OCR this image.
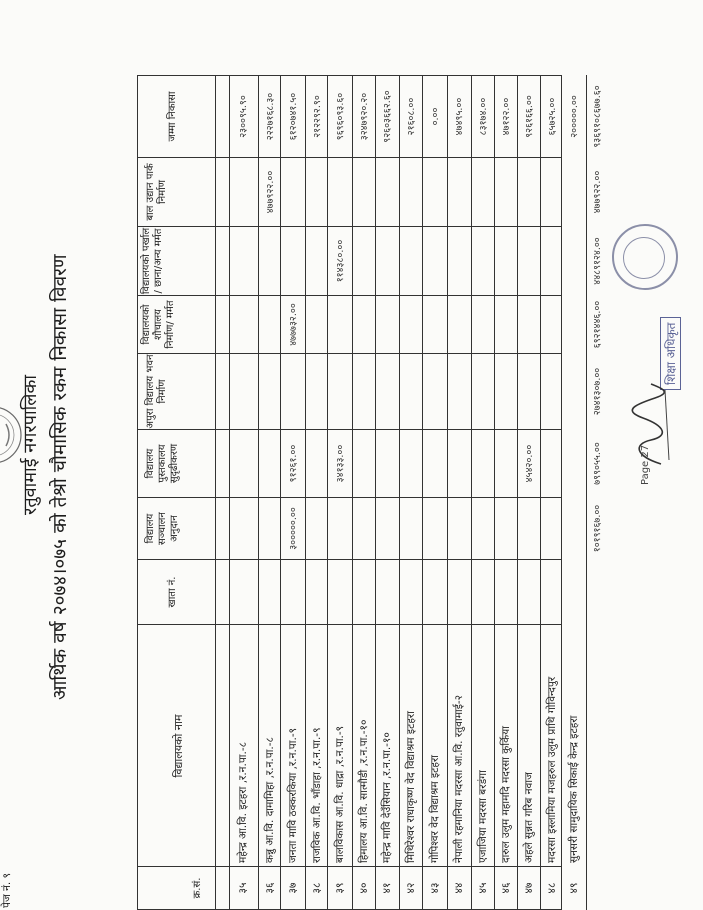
पेज नं. ९
रतुवामाई नगरपालिका आर्थिक वर्ष २०७४।०७५ को तेश्रो चौमासिक रकम निकासा विवरण
क्र.सं.
विद्यालयको नाम
खाता नं.
विद्यालय सञ्चालन अनुदान
विद्यालय पुस्तकालय सुदृढीकरण
अपुरा विद्यालय भवन निर्माण
विद्यालयको शौचालय निर्माण/ मर्मत
विद्यालयको पर्खाल / छाना/अन्य मर्मत
बाल उद्यान पार्क निर्माण
जम्मा निकासा
३५
महेन्द्र आ.वि. इटहरा ,र.न.पा.-८
२३००९५.९०
३६
कन्नु आ.वि. दामामिहा ,र.न.पा.-८
४७७९२२.००
२२२७१६८.३०
३७
जनता मावि ठक्करकिया ,र.न.पा.-९
३०००००.००
९१२६१.००
४७७७३२.००
६१२०७४१.५०
३८
राजविक आ.वि. भाँडाहा ,र.न.पा.-९
२१२२९२.९०
३९
बालविकास आ.वि. धाद्रा ,र.न.पा.-९
३४१३३.००
११४३८०.००
९६९६०९३.६०
४०
हिमालय आ.वि. सात्मौडी ,र.न.पा.-१०
३२४७९२०.२०
४१
महेन्द्र मावि देउँसियान ,र.न.पा.-१०
९२६०३६६२.६०
४२
मिथिरेश्वर राधाकृष्ण वेद विद्याश्रम इटहरा
२१६०८.००
४३
गोपिश्वर वेद विद्याश्रम इटहरा
०.००
४४
नेपाली रहमानिया मदरसा आ.वि. रतुवामाई-२
४७४९५.००
४५
एजाजिया मदरसा बरडंगा
८३१७४.००
४६
दारुल उलुम महामदि मदरसा कुर्किया
४७१२२.००
४७
अहले सुन्नत गरिब नवाज
४५४२०.००
९२६१६६.००
४८
मदरसा इस्लामिया मजहरुल उलुम प्राथि गोविन्दपुर
६५७२५.००
४९
सुनसरी सामुदायिक सिकाई केन्द्र इटहरा
२०००००.००
१०१९१६७.००
७९९०५५.००
२७४१३०७.००
६९२१४४६.००
४४८९१२४.००
४७७९२२.००
९३६९१०८६७७.६०
शिक्षा अधिकृत
Page 27
